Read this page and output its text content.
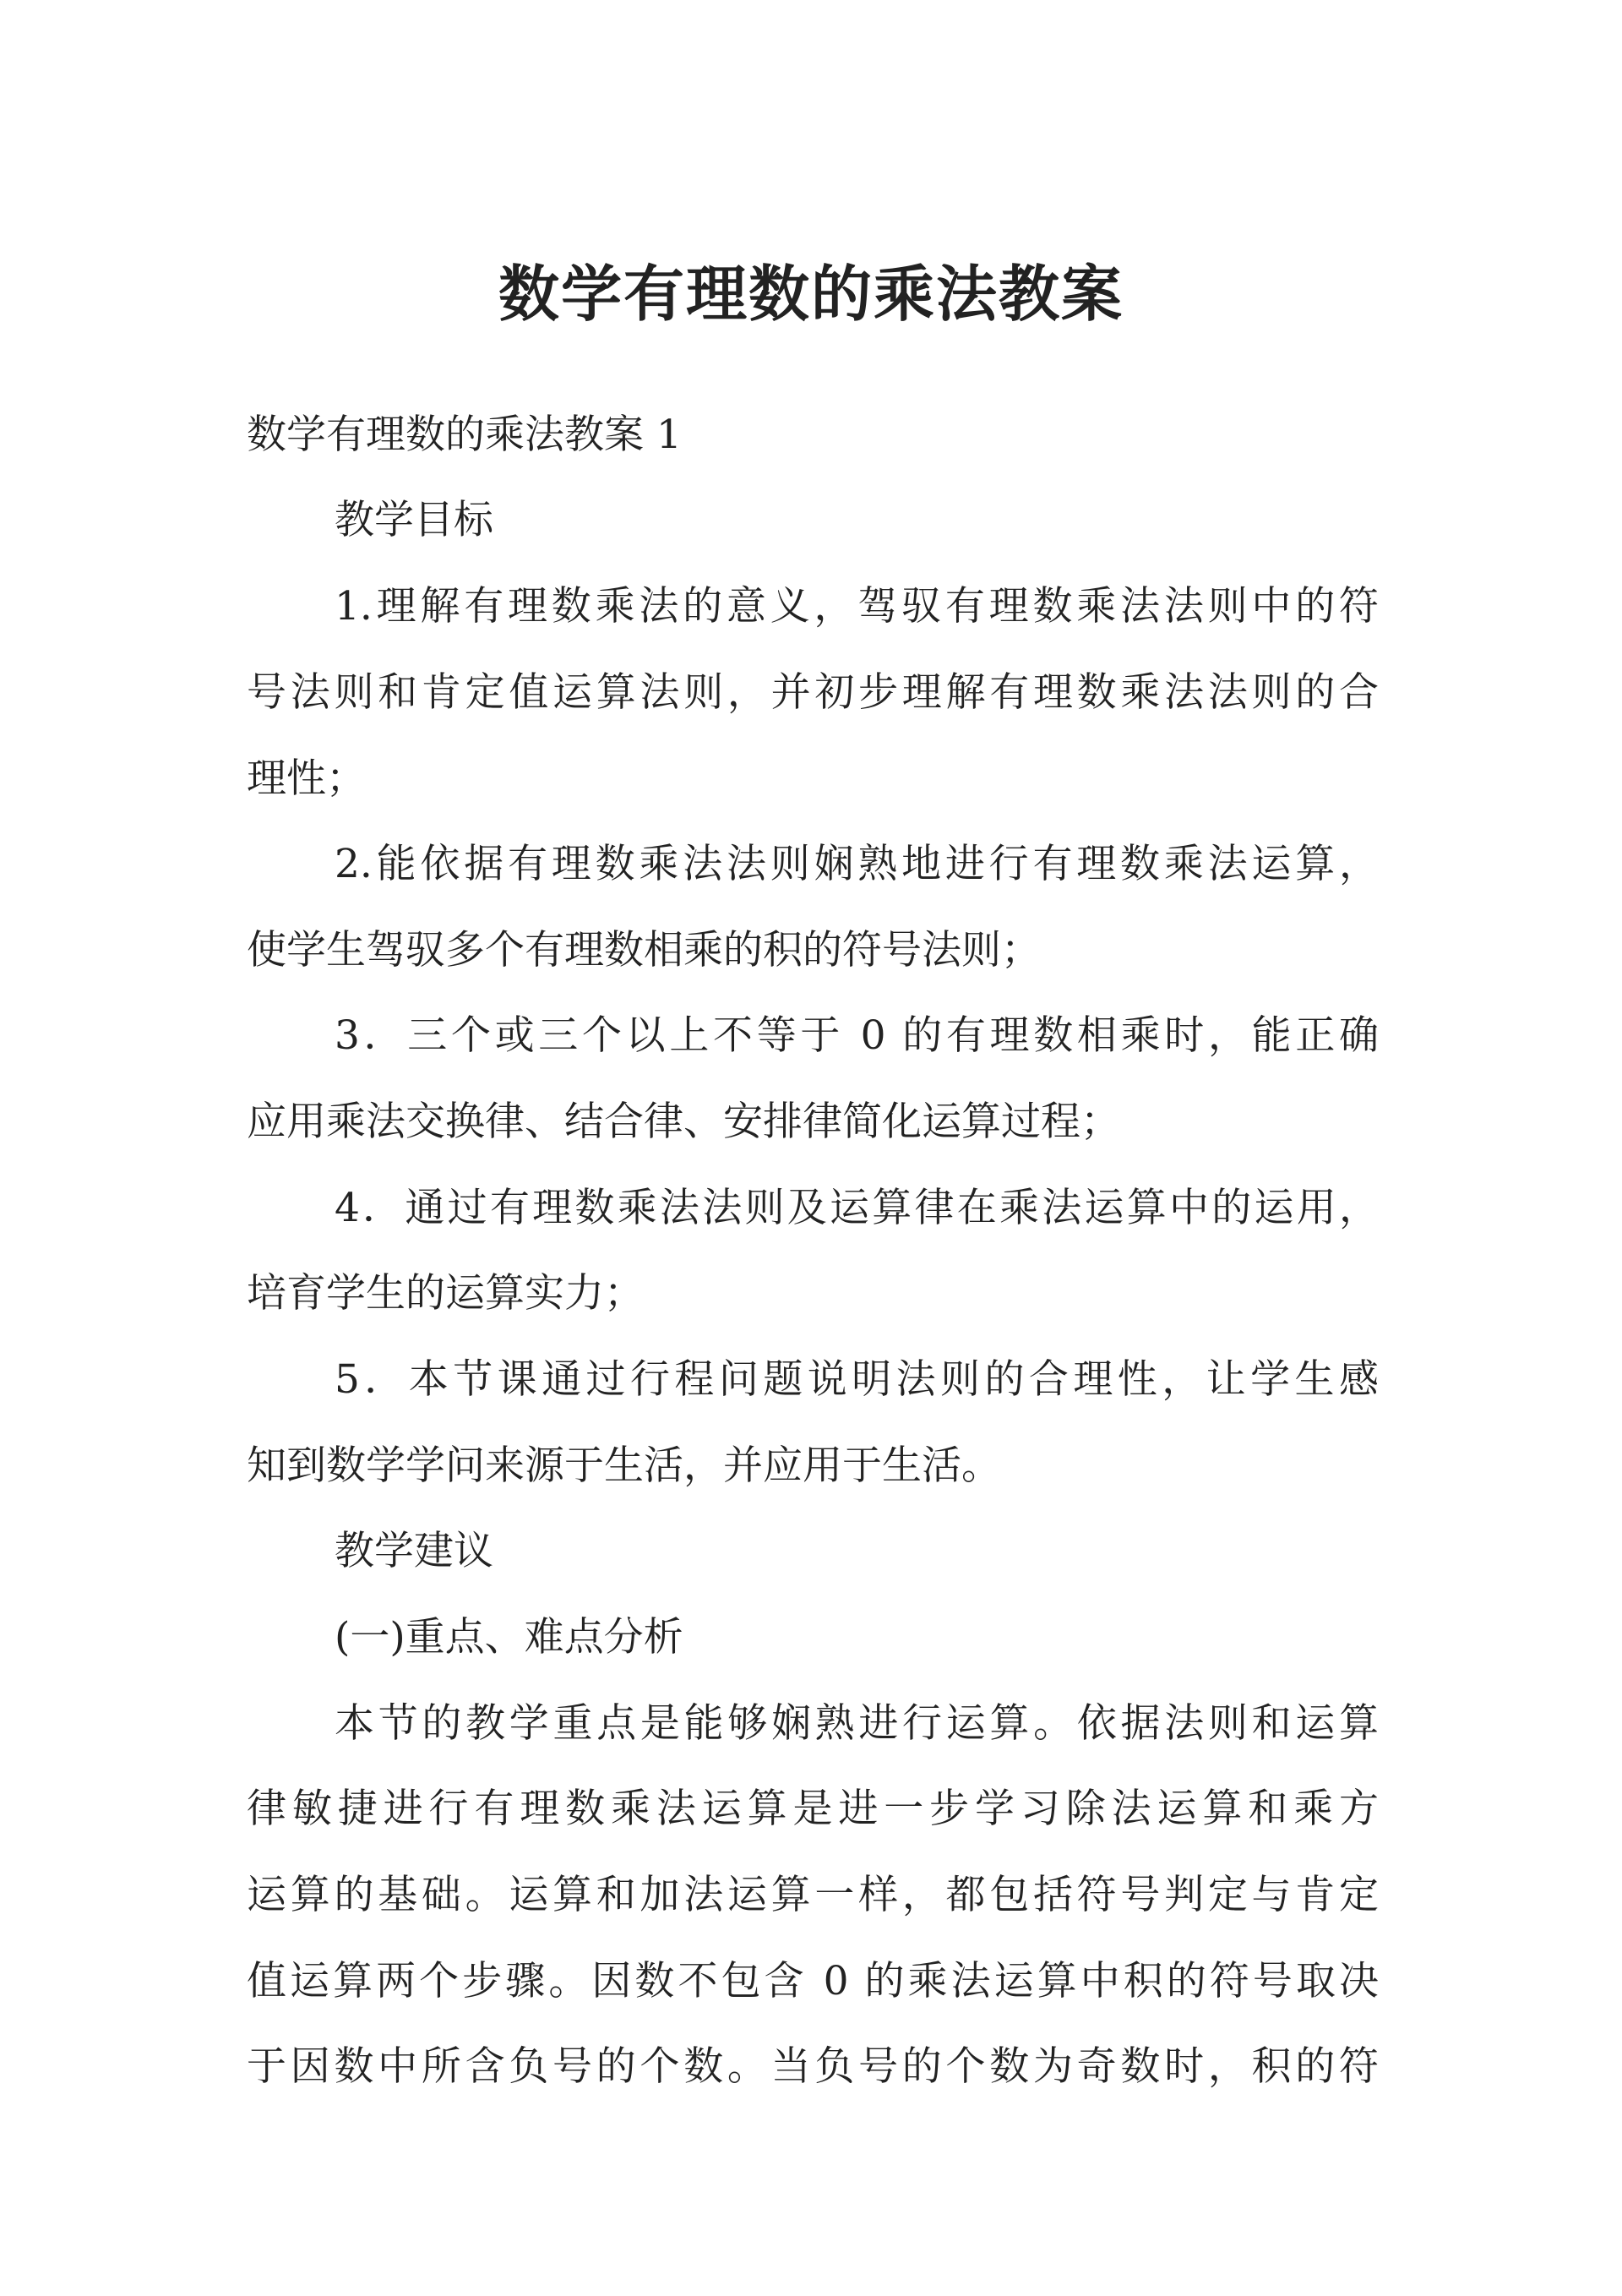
数学有理数的乘法教案
数学有理数的乘法教案 1
教学目标
1.理解有理数乘法的意义，驾驭有理数乘法法则中的符
号法则和肯定值运算法则，并初步理解有理数乘法法则的合
理性；
2.能依据有理数乘法法则娴熟地进行有理数乘法运算，
使学生驾驭多个有理数相乘的积的符号法则；
3．三个或三个以上不等于 0 的有理数相乘时，能正确
应用乘法交换律、结合律、安排律简化运算过程；
4．通过有理数乘法法则及运算律在乘法运算中的运用，
培育学生的运算实力；
5．本节课通过行程问题说明法则的合理性，让学生感
知到数学学问来源于生活，并应用于生活。
教学建议
(一)重点、难点分析
本节的教学重点是能够娴熟进行运算。依据法则和运算
律敏捷进行有理数乘法运算是进一步学习除法运算和乘方
运算的基础。运算和加法运算一样，都包括符号判定与肯定
值运算两个步骤。因数不包含 0 的乘法运算中积的符号取决
于因数中所含负号的个数。当负号的个数为奇数时，积的符
